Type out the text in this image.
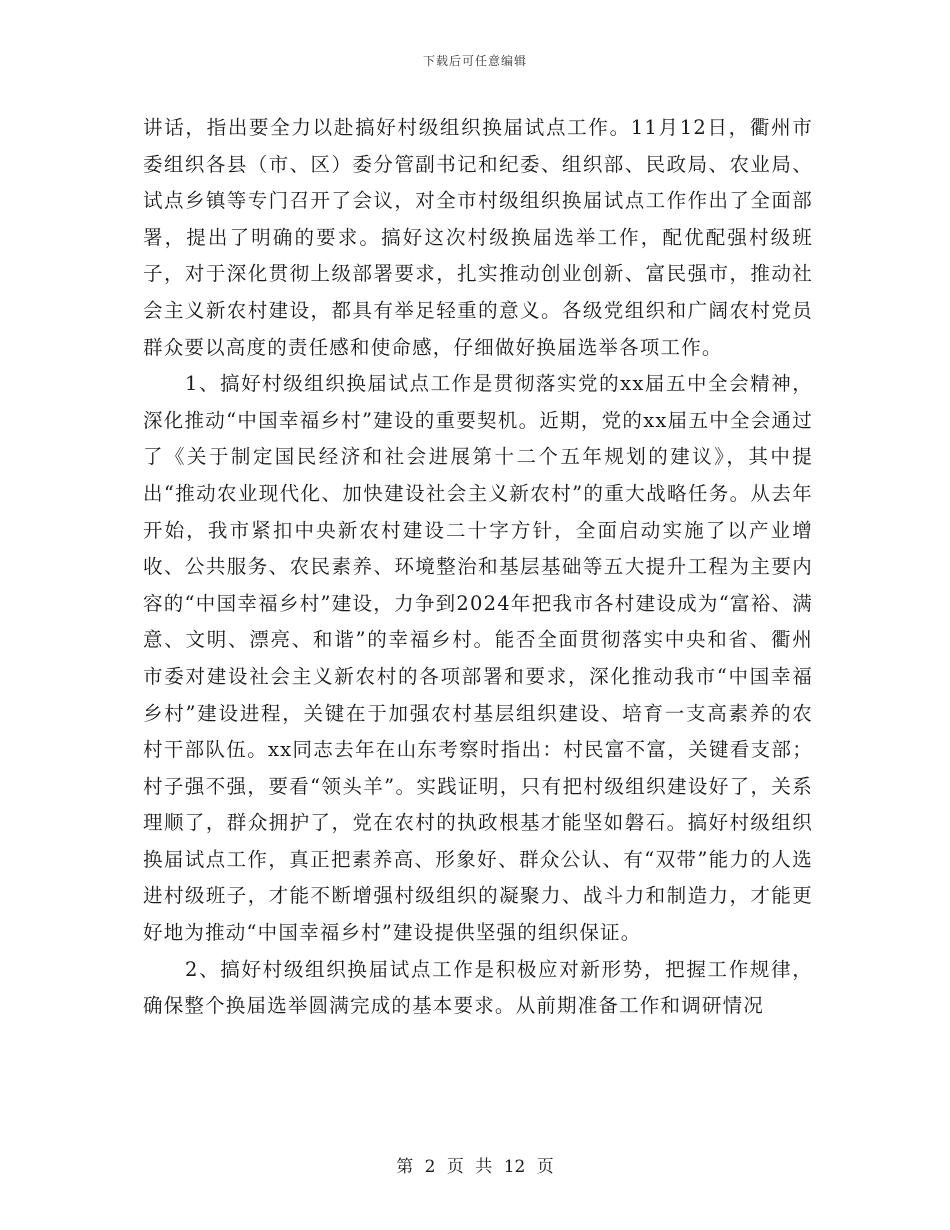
下载后可任意编辑

讲话，指出要全力以赴搞好村级组织换届试点工作。11月12日，衢州市委组织各县（市、区）委分管副书记和纪委、组织部、民政局、农业局、试点乡镇等专门召开了会议，对全市村级组织换届试点工作作出了全面部署，提出了明确的要求。搞好这次村级换届选举工作，配优配强村级班子，对于深化贯彻上级部署要求，扎实推动创业创新、富民强市，推动社会主义新农村建设，都具有举足轻重的意义。各级党组织和广阔农村党员群众要以高度的责任感和使命感，仔细做好换届选举各项工作。

1、搞好村级组织换届试点工作是贯彻落实党的xx届五中全会精神，深化推动“中国幸福乡村”建设的重要契机。近期，党的xx届五中全会通过了《关于制定国民经济和社会进展第十二个五年规划的建议》，其中提出“推动农业现代化、加快建设社会主义新农村”的重大战略任务。从去年开始，我市紧扣中央新农村建设二十字方针，全面启动实施了以产业增收、公共服务、农民素养、环境整治和基层基础等五大提升工程为主要内容的“中国幸福乡村”建设，力争到2024年把我市各村建设成为“富裕、满意、文明、漂亮、和谐”的幸福乡村。能否全面贯彻落实中央和省、衢州市委对建设社会主义新农村的各项部署和要求，深化推动我市“中国幸福乡村”建设进程，关键在于加强农村基层组织建设、培育一支高素养的农村干部队伍。xx同志去年在山东考察时指出：村民富不富，关键看支部；村子强不强，要看“领头羊”。实践证明，只有把村级组织建设好了，关系理顺了，群众拥护了，党在农村的执政根基才能坚如磐石。搞好村级组织换届试点工作，真正把素养高、形象好、群众公认、有“双带”能力的人选进村级班子，才能不断增强村级组织的凝聚力、战斗力和制造力，才能更好地为推动“中国幸福乡村”建设提供坚强的组织保证。

2、搞好村级组织换届试点工作是积极应对新形势，把握工作规律，确保整个换届选举圆满完成的基本要求。从前期准备工作和调研情况

第 2 页 共 12 页
